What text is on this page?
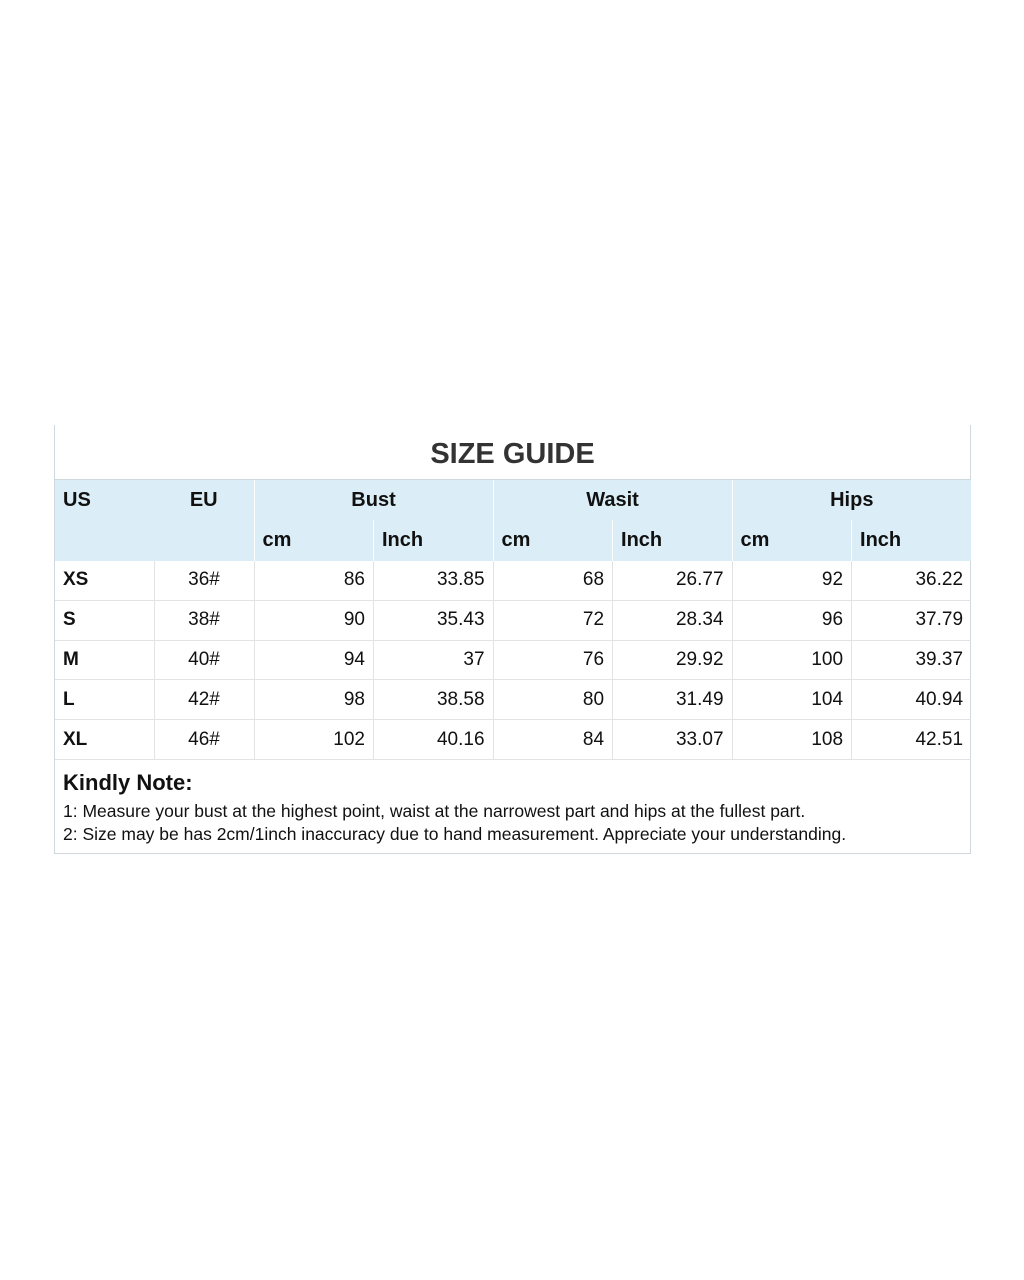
SIZE GUIDE
US	EU	Bust		Wasit		Hips	
		cm	Inch	cm	Inch	cm	Inch
XS	36#	86	33.85	68	26.77	92	36.22
S	38#	90	35.43	72	28.34	96	37.79
M	40#	94	37	76	29.92	100	39.37
L	42#	98	38.58	80	31.49	104	40.94
XL	46#	102	40.16	84	33.07	108	42.51
Kindly Note:
1: Measure your bust at the highest point, waist at the narrowest part and hips at the fullest part.
2: Size may be has 2cm/1inch inaccuracy due to hand measurement. Appreciate your understanding.
